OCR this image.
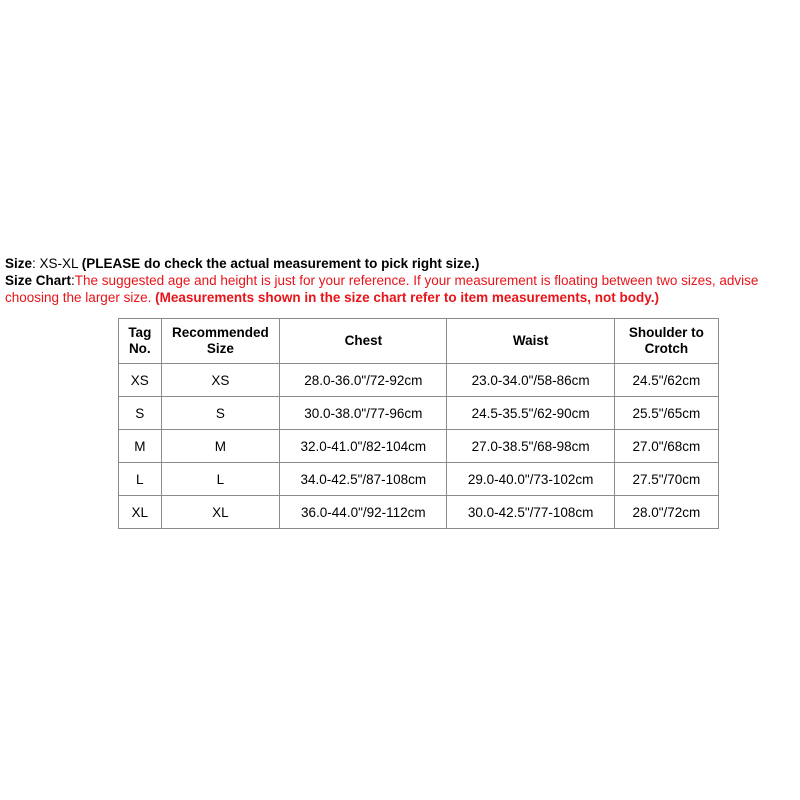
Size: XS-XL (PLEASE do check the actual measurement to pick right size.)
Size Chart:The suggested age and height is just for your reference. If your measurement is floating between two sizes, advise choosing the larger size. (Measurements shown in the size chart refer to item measurements, not body.)
Tag No.	Recommended Size	Chest	Waist	Shoulder to Crotch
XS	XS	28.0-36.0"/72-92cm	23.0-34.0"/58-86cm	24.5"/62cm
S	S	30.0-38.0"/77-96cm	24.5-35.5"/62-90cm	25.5"/65cm
M	M	32.0-41.0"/82-104cm	27.0-38.5"/68-98cm	27.0"/68cm
L	L	34.0-42.5"/87-108cm	29.0-40.0"/73-102cm	27.5"/70cm
XL	XL	36.0-44.0"/92-112cm	30.0-42.5"/77-108cm	28.0"/72cm
